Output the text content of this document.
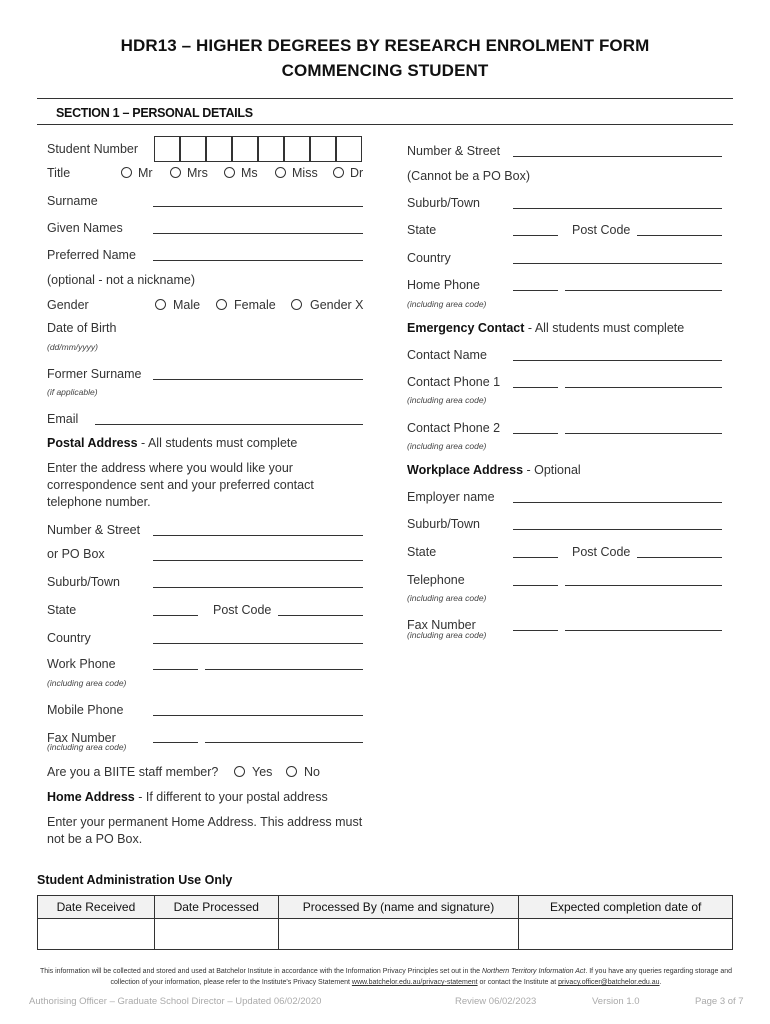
HDR13 – HIGHER DEGREES BY RESEARCH ENROLMENT FORM
COMMENCING STUDENT
SECTION 1 – PERSONAL DETAILS
Student Number
Title	Mr	Mrs	Ms	Miss	Dr
Surname
Given Names
Preferred Name
(optional - not a nickname)
Gender	Male	Female	Gender X
Date of Birth
(dd/mm/yyyy)
Former Surname
(if applicable)
Email
Postal Address - All students must complete
Enter the address where you would like your correspondence sent and your preferred contact telephone number.
Number & Street
or PO Box
Suburb/Town
State	Post Code
Country
Work Phone
(including area code)
Mobile Phone
Fax Number
(including area code)
Are you a BIITE staff member?	Yes	No
Home Address - If different to your postal address
Enter your permanent Home Address. This address must not be a PO Box.
Number & Street
(Cannot be a PO Box)
Suburb/Town
State	Post Code
Country
Home Phone
(including area code)
Emergency Contact - All students must complete
Contact Name
Contact Phone 1
(including area code)
Contact Phone 2
(including area code)
Workplace Address - Optional
Employer name
Suburb/Town
State	Post Code
Telephone
(including area code)
Fax Number
(including area code)
Student Administration Use Only
Date Received	Date Processed	Processed By (name and signature)	Expected completion date of

This information will be collected and stored and used at Batchelor Institute in accordance with the Information Privacy Principles set out in the Northern Territory Information Act. If you have any queries regarding storage and collection of your information, please refer to the Institute's Privacy Statement www.batchelor.edu.au/privacy-statement or contact the Institute at privacy.officer@batchelor.edu.au.
Authorising Officer – Graduate School Director – Updated 06/02/2020	Review 06/02/2023	Version 1.0	Page 3 of 7
